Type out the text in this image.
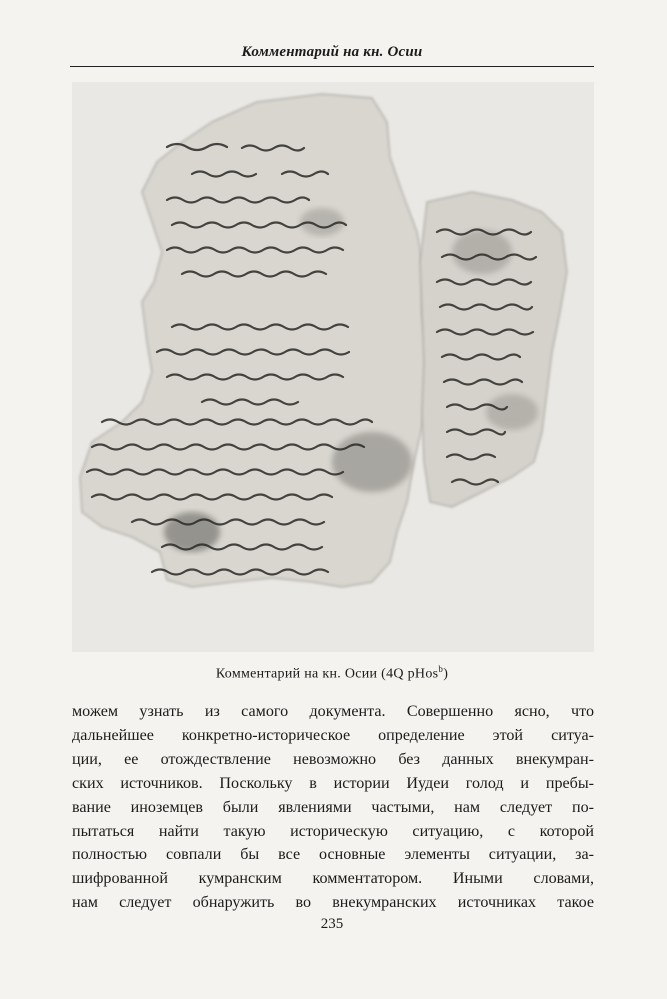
Комментарий на кн. Осии
Комментарий на кн. Осии (4Q pHos$^b$)
можем узнать из самого документа. Совершенно ясно, что
дальнейшее конкретно-историческое определение этой ситуа-
ции, ее отождествление невозможно без данных внекумран-
ских источников. Поскольку в истории Иудеи голод и пребы-
вание иноземцев были явлениями частыми, нам следует по-
пытаться найти такую историческую ситуацию, с которой
полностью совпали бы все основные элементы ситуации, за-
шифрованной кумранским комментатором. Иными словами,
нам следует обнаружить во внекумранских источниках такое
235
